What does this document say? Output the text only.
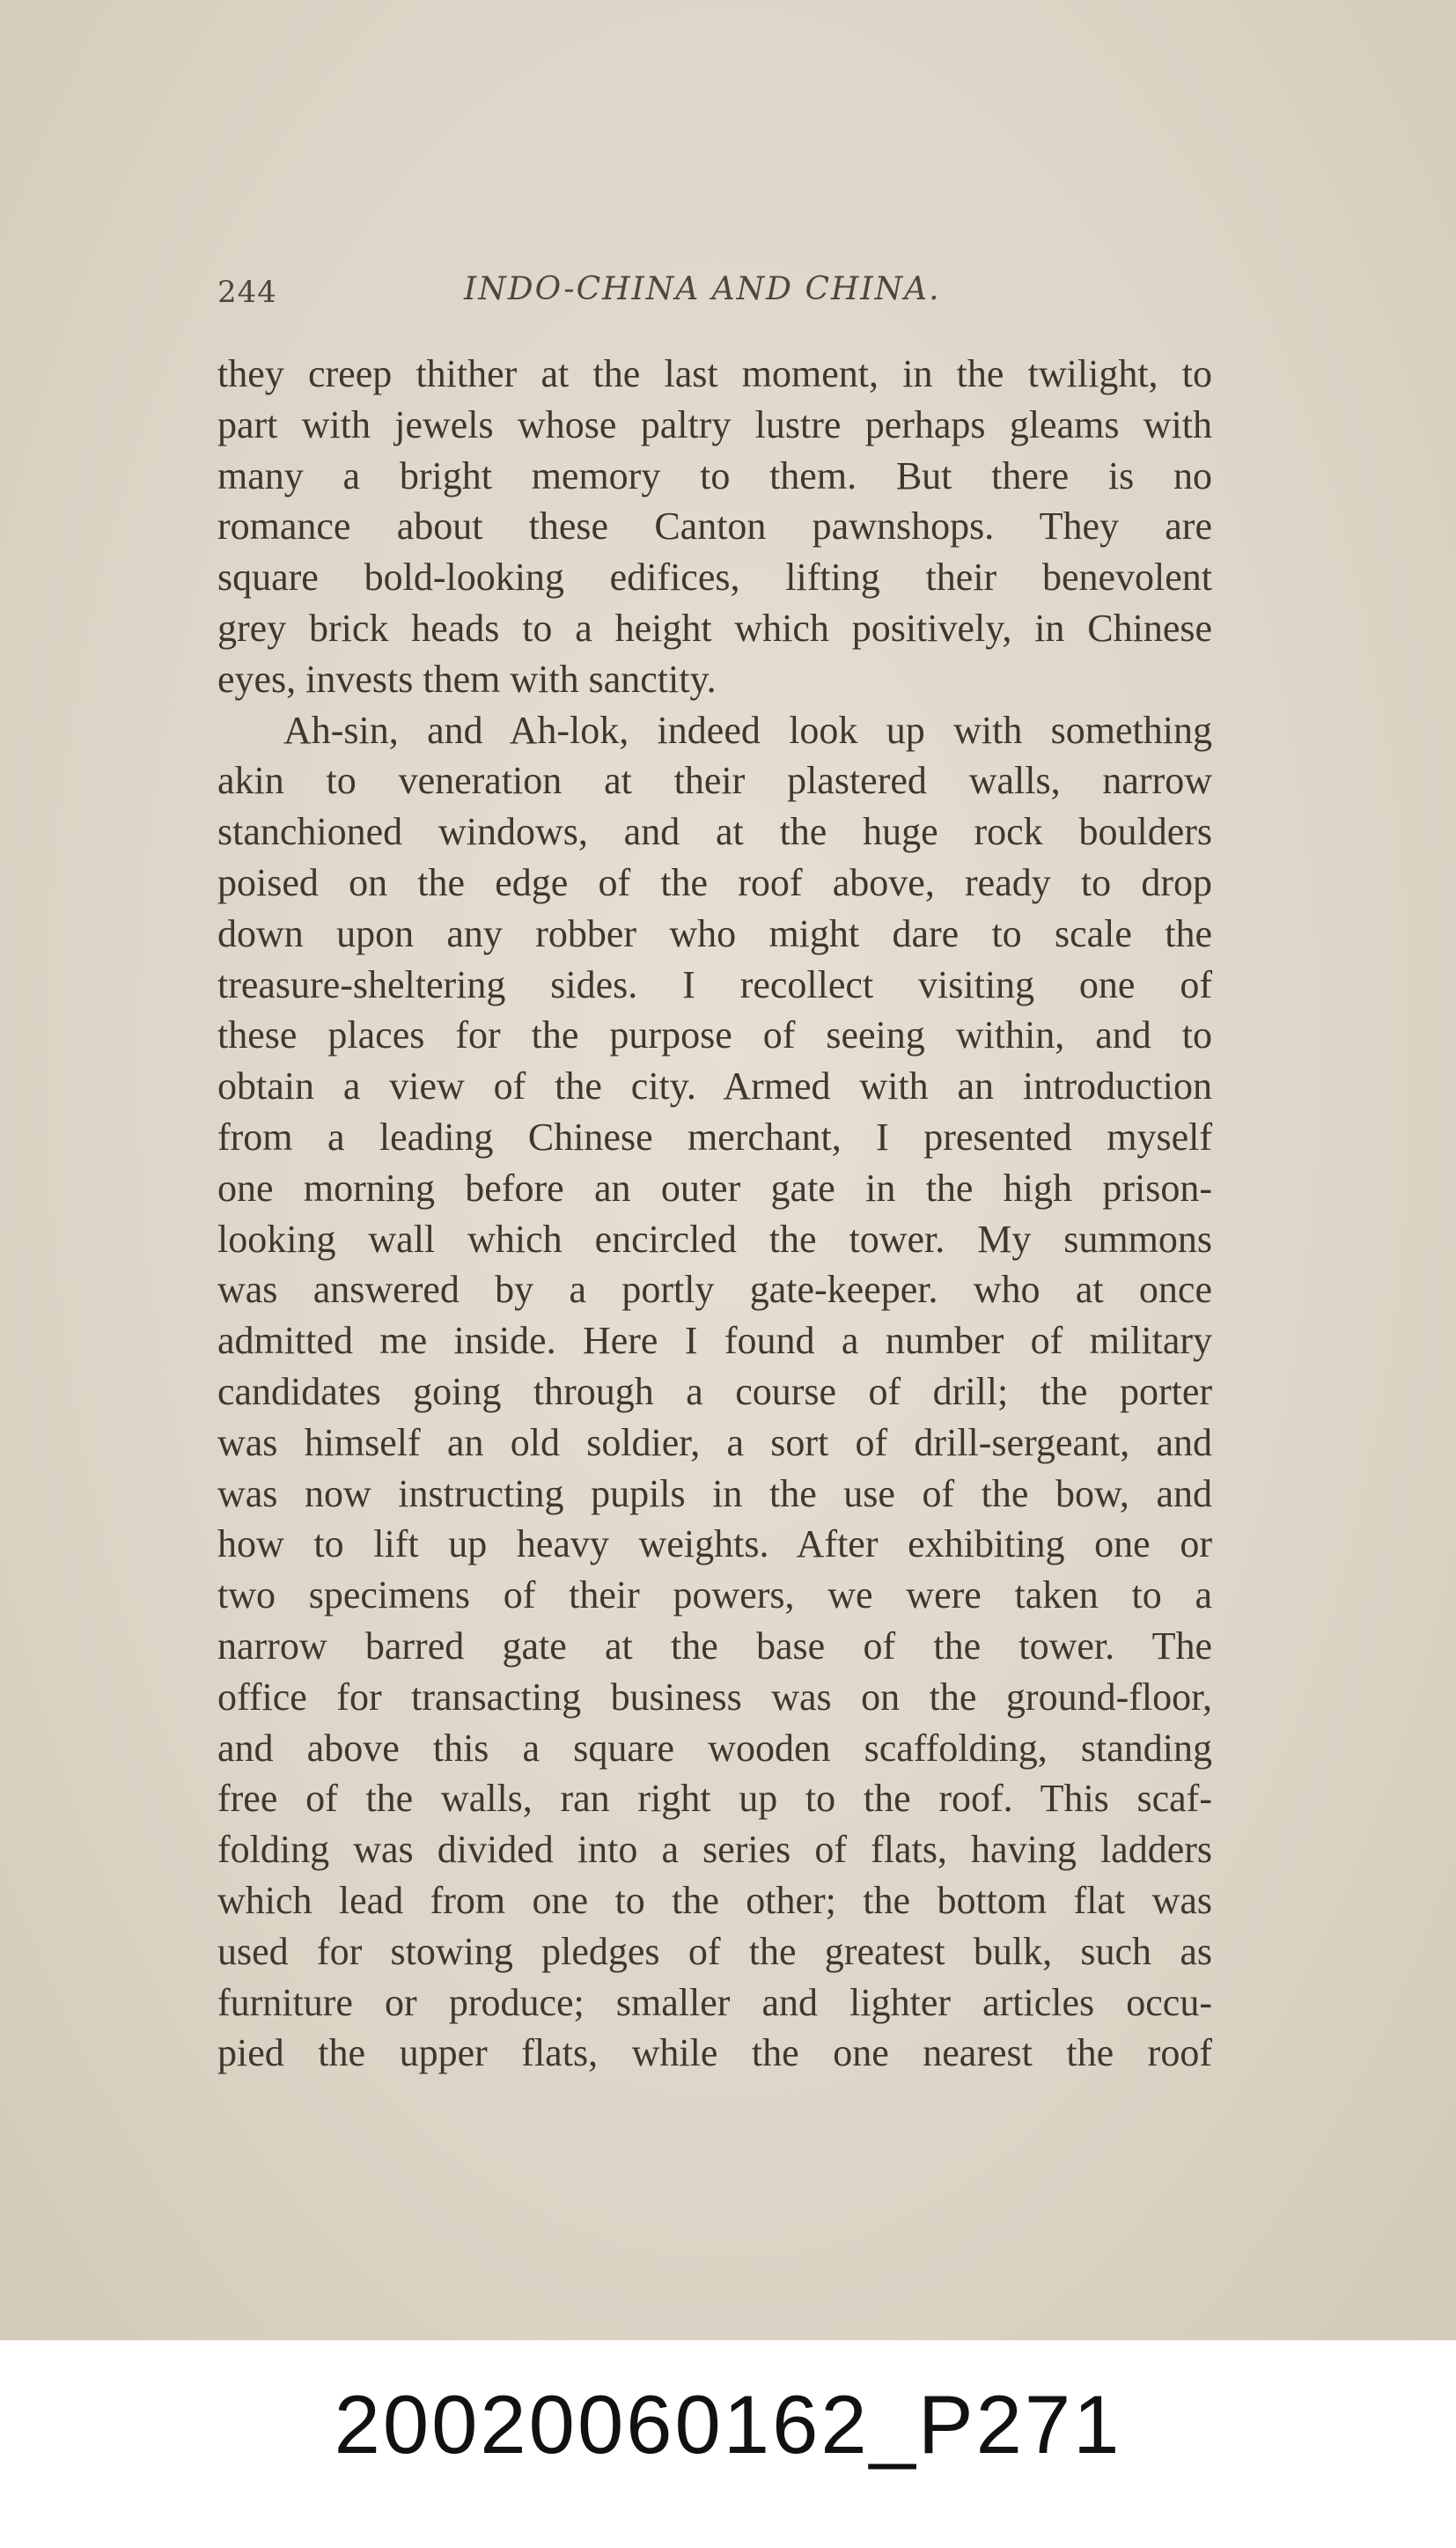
244	INDO-CHINA AND CHINA.
they creep thither at the last moment, in the twilight, to
part with jewels whose paltry lustre perhaps gleams with
many a bright memory to them. But there is no
romance about these Canton pawnshops. They are
square bold-looking edifices, lifting their benevolent
grey brick heads to a height which positively, in Chinese
eyes, invests them with sanctity.
Ah-sin, and Ah-lok, indeed look up with something
akin to veneration at their plastered walls, narrow
stanchioned windows, and at the huge rock boulders
poised on the edge of the roof above, ready to drop
down upon any robber who might dare to scale the
treasure-sheltering sides. I recollect visiting one of
these places for the purpose of seeing within, and to
obtain a view of the city. Armed with an introduction
from a leading Chinese merchant, I presented myself
one morning before an outer gate in the high prison-
looking wall which encircled the tower. My summons
was answered by a portly gate-keeper. who at once
admitted me inside. Here I found a number of military
candidates going through a course of drill; the porter
was himself an old soldier, a sort of drill-sergeant, and
was now instructing pupils in the use of the bow, and
how to lift up heavy weights. After exhibiting one or
two specimens of their powers, we were taken to a
narrow barred gate at the base of the tower. The
office for transacting business was on the ground-floor,
and above this a square wooden scaffolding, standing
free of the walls, ran right up to the roof. This scaf-
folding was divided into a series of flats, having ladders
which lead from one to the other; the bottom flat was
used for stowing pledges of the greatest bulk, such as
furniture or produce; smaller and lighter articles occu-
pied the upper flats, while the one nearest the roof
20020060162_P271
